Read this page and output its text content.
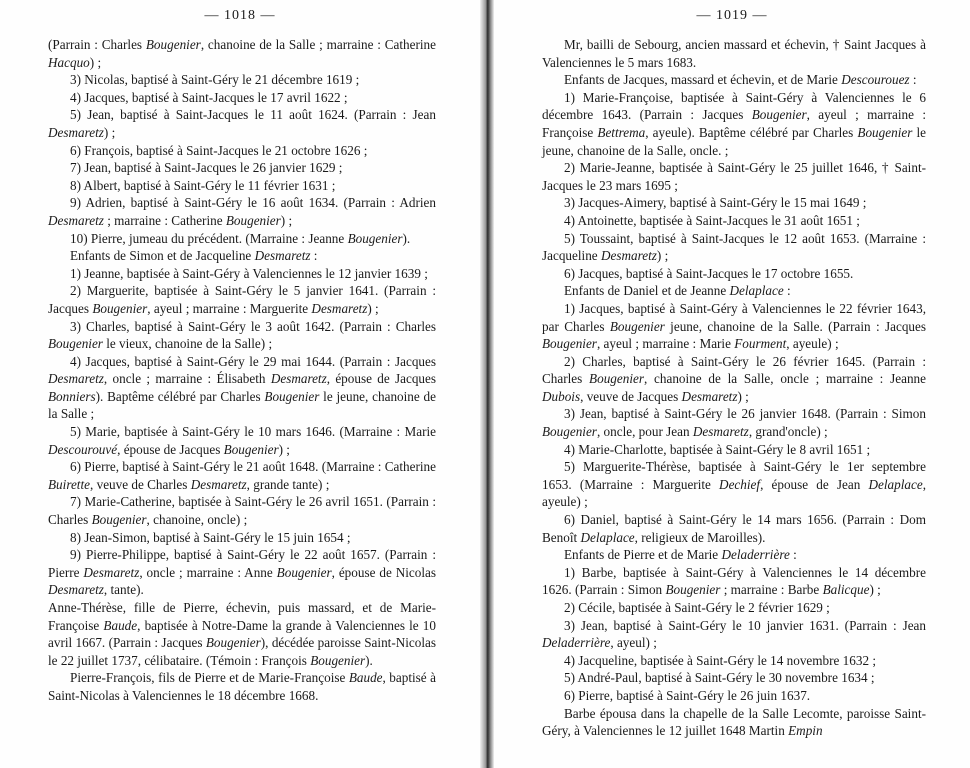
— 1018 —
(Parrain : Charles Bougenier, chanoine de la Salle ; marraine : Catherine Hacquo) ;
3) Nicolas, baptisé à Saint-Géry le 21 décembre 1619 ;
4) Jacques, baptisé à Saint-Jacques le 17 avril 1622 ;
5) Jean, baptisé à Saint-Jacques le 11 août 1624. (Parrain : Jean Desmaretz) ;
6) François, baptisé à Saint-Jacques le 21 octobre 1626 ;
7) Jean, baptisé à Saint-Jacques le 26 janvier 1629 ;
8) Albert, baptisé à Saint-Géry le 11 février 1631 ;
9) Adrien, baptisé à Saint-Géry le 16 août 1634. (Parrain : Adrien Desmaretz ; marraine : Catherine Bougenier) ;
10) Pierre, jumeau du précédent. (Marraine : Jeanne Bougenier).
Enfants de Simon et de Jacqueline Desmaretz :
1) Jeanne, baptisée à Saint-Géry à Valenciennes le 12 janvier 1639 ;
2) Marguerite, baptisée à Saint-Géry le 5 janvier 1641. (Parrain : Jacques Bougenier, ayeul ; marraine : Marguerite Desmaretz) ;
3) Charles, baptisé à Saint-Géry le 3 août 1642. (Parrain : Charles Bougenier le vieux, chanoine de la Salle) ;
4) Jacques, baptisé à Saint-Géry le 29 mai 1644. (Parrain : Jacques Desmaretz, oncle ; marraine : Élisabeth Desmaretz, épouse de Jacques Bonniers). Baptême célébré par Charles Bougenier le jeune, chanoine de la Salle ;
5) Marie, baptisée à Saint-Géry le 10 mars 1646. (Marraine : Marie Descourouvé, épouse de Jacques Bougenier) ;
6) Pierre, baptisé à Saint-Géry le 21 août 1648. (Marraine : Catherine Buirette, veuve de Charles Desmaretz, grande tante) ;
7) Marie-Catherine, baptisée à Saint-Géry le 26 avril 1651. (Parrain : Charles Bougenier, chanoine, oncle) ;
8) Jean-Simon, baptisé à Saint-Géry le 15 juin 1654 ;
9) Pierre-Philippe, baptisé à Saint-Géry le 22 août 1657. (Parrain : Pierre Desmaretz, oncle ; marraine : Anne Bougenier, épouse de Nicolas Desmaretz, tante).
Anne-Thérèse, fille de Pierre, échevin, puis massard, et de Marie-Françoise Baude, baptisée à Notre-Dame la grande à Valenciennes le 10 avril 1667. (Parrain : Jacques Bougenier), décédée paroisse Saint-Nicolas le 22 juillet 1737, célibataire. (Témoin : François Bougenier).
Pierre-François, fils de Pierre et de Marie-Françoise Baude, baptisé à Saint-Nicolas à Valenciennes le 18 décembre 1668.
— 1019 —
Mr, bailli de Sebourg, ancien massard et échevin, † Saint Jacques à Valenciennes le 5 mars 1683.
Enfants de Jacques, massard et échevin, et de Marie Descourouez :
1) Marie-Françoise, baptisée à Saint-Géry à Valenciennes le 6 décembre 1643. (Parrain : Jacques Bougenier, ayeul ; marraine : Françoise Bettrema, ayeule). Baptême célébré par Charles Bougenier le jeune, chanoine de la Salle, oncle. ;
2) Marie-Jeanne, baptisée à Saint-Géry le 25 juillet 1646, † Saint-Jacques le 23 mars 1695 ;
3) Jacques-Aimery, baptisé à Saint-Géry le 15 mai 1649 ;
4) Antoinette, baptisée à Saint-Jacques le 31 août 1651 ;
5) Toussaint, baptisé à Saint-Jacques le 12 août 1653. (Marraine : Jacqueline Desmaretz) ;
6) Jacques, baptisé à Saint-Jacques le 17 octobre 1655.
Enfants de Daniel et de Jeanne Delaplace :
1) Jacques, baptisé à Saint-Géry à Valenciennes le 22 février 1643, par Charles Bougenier jeune, chanoine de la Salle. (Parrain : Jacques Bougenier, ayeul ; marraine : Marie Fourment, ayeule) ;
2) Charles, baptisé à Saint-Géry le 26 février 1645. (Parrain : Charles Bougenier, chanoine de la Salle, oncle ; marraine : Jeanne Dubois, veuve de Jacques Desmaretz) ;
3) Jean, baptisé à Saint-Géry le 26 janvier 1648. (Parrain : Simon Bougenier, oncle, pour Jean Desmaretz, grand'oncle) ;
4) Marie-Charlotte, baptisée à Saint-Géry le 8 avril 1651 ;
5) Marguerite-Thérèse, baptisée à Saint-Géry le 1er septembre 1653. (Marraine : Marguerite Dechief, épouse de Jean Delaplace, ayeule) ;
6) Daniel, baptisé à Saint-Géry le 14 mars 1656. (Parrain : Dom Benoît Delaplace, religieux de Maroilles).
Enfants de Pierre et de Marie Deladerrière :
1) Barbe, baptisée à Saint-Géry à Valenciennes le 14 décembre 1626. (Parrain : Simon Bougenier ; marraine : Barbe Balicque) ;
2) Cécile, baptisée à Saint-Géry le 2 février 1629 ;
3) Jean, baptisé à Saint-Géry le 10 janvier 1631. (Parrain : Jean Deladerrière, ayeul) ;
4) Jacqueline, baptisée à Saint-Géry le 14 novembre 1632 ;
5) André-Paul, baptisé à Saint-Géry le 30 novembre 1634 ;
6) Pierre, baptisé à Saint-Géry le 26 juin 1637.
Barbe épousa dans la chapelle de la Salle Lecomte, paroisse Saint-Géry, à Valenciennes le 12 juillet 1648 Martin Empin
